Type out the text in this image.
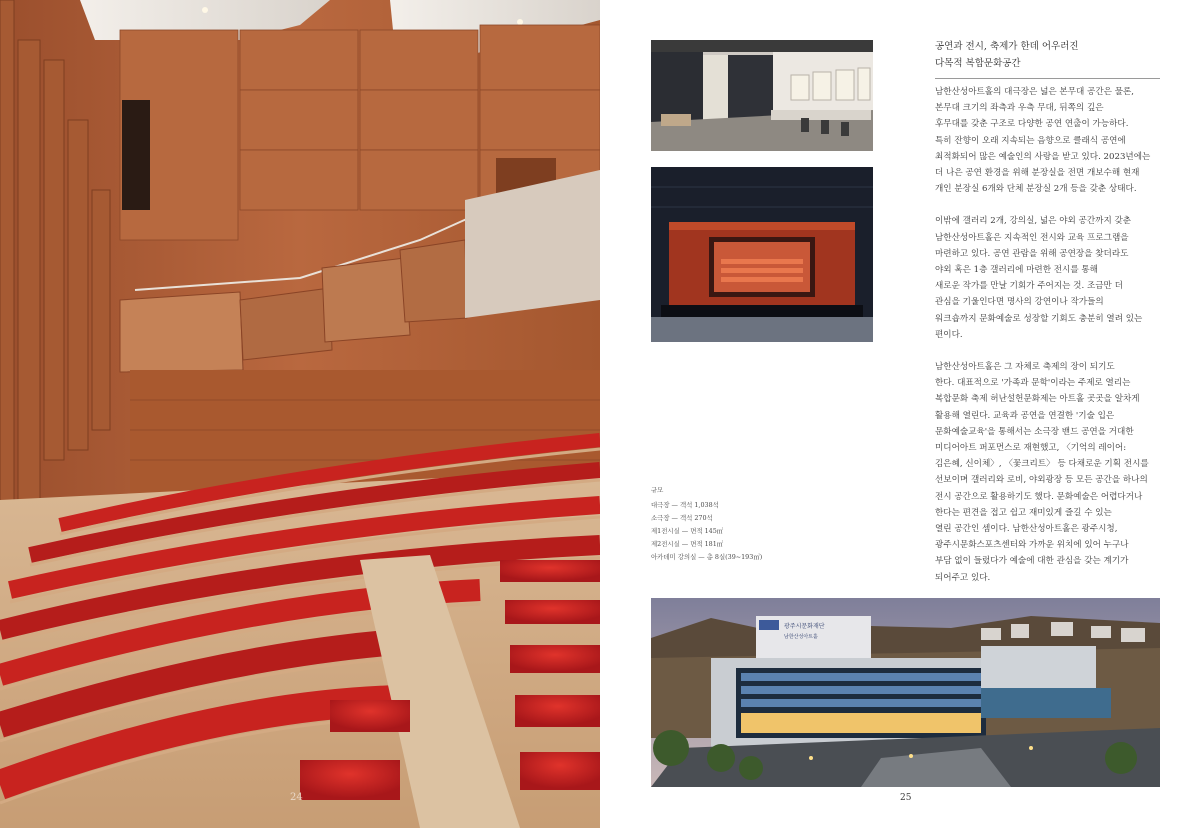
24
공연과 전시, 축제가 한데 어우러진
다목적 복합문화공간

남한산성아트홀의 대극장은 넓은 본무대 공간은 물론,
본무대 크기의 좌측과 우측 무대, 뒤쪽의 깊은
후무대를 갖춘 구조로 다양한 공연 연출이 가능하다.
특히 잔향이 오래 지속되는 음향으로 클래식 공연에
최적화되어 많은 예술인의 사랑을 받고 있다. 2023년에는
더 나은 공연 환경을 위해 분장실을 전면 개보수해 현재
개인 분장실 6개와 단체 분장실 2개 등을 갖춘 상태다.

이밖에 갤러리 2개, 강의실, 넓은 야외 공간까지 갖춘
남한산성아트홀은 지속적인 전시와 교육 프로그램을
마련하고 있다. 공연 관람을 위해 공연장을 찾더라도
야외 혹은 1층 갤러리에 마련한 전시를 통해
새로운 작가를 만날 기회가 주어지는 것. 조금만 더
관심을 기울인다면 명사의 강연이나 작가들의
워크숍까지 문화예술로 성장할 기회도 충분히 열려 있는
편이다.

남한산성아트홀은 그 자체로 축제의 장이 되기도
한다. 대표적으로 '가족과 문학'이라는 주제로 열리는
복합문화 축제 허난설헌문화제는 아트홀 곳곳을 알차게
활용해 열린다. 교육과 공연을 연결한 '기술 입은
문화예술교육'을 통해서는 소극장 밴드 공연을 거대한
미디어아트 퍼포먼스로 재현했고, 〈기억의 레이어:
김은혜, 신이체〉, 〈꽃크리트〉 등 다채로운 기획 전시를
선보이며 갤러리와 로비, 야외광장 등 모든 공간을 하나의
전시 공간으로 활용하기도 했다. 문화예술은 어렵다거나
한다는 편견을 접고 쉽고 재미있게 즐길 수 있는
열린 공간인 셈이다. 남한산성아트홀은 광주시청,
광주시문화스포츠센터와 가까운 위치에 있어 누구나
부담 없이 들렀다가 예술에 대한 관심을 갖는 계기가
되어주고 있다.

규모
대극장 — 객석 1,038석
소극장 — 객석 270석
제1전시실 — 면적 145㎡
제2전시실 — 면적 181㎡
아카데미 강의실 — 총 8실(39~193㎡)
광주시문화재단
남한산성아트홀
25
